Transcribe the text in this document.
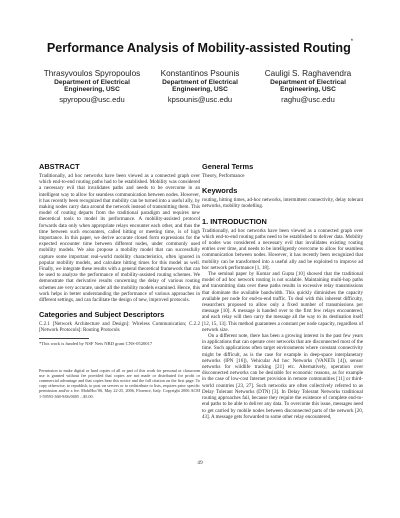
Performance Analysis of Mobility-assisted Routing*
Thrasyvoulos Spyropoulos
Department of Electrical Engineering, USC
spyropou@usc.edu
Konstantinos Psounis
Department of Electrical Engineering, USC
kpsounis@usc.edu
Cauligi S. Raghavendra
Department of Electrical Engineering, USC
raghu@usc.edu
ABSTRACT

Traditionally, ad hoc networks have been viewed as a connected graph over which end-to-end routing paths had to be established. Mobility was considered a necessary evil that invalidates paths and needs to be overcome in an intelligent way to allow for seamless communication between nodes. However, it has recently been recognized that mobility can be turned into a useful ally, by making nodes carry data around the network instead of transmitting them. This model of routing departs from the traditional paradigm and requires new theoretical tools to model its performance. A mobility-assisted protocol forwards data only when appropriate relays encounter each other, and thus the time between such encounters, called hitting or meeting time, is of high importance. In this paper, we derive accurate closed form expressions for the expected encounter time between different nodes, under commonly used mobility models. We also propose a mobility model that can successfully capture some important real-world mobility characteristics, often ignored in popular mobility models, and calculate hitting times for this model as well. Finally, we integrate these results with a general theoretical framework that can be used to analyze the performance of mobility-assisted routing schemes. We demonstrate that derivative results concerning the delay of various routing schemes are very accurate, under all the mobility models examined. Hence, this work helps in better understanding the performance of various approaches in different settings, and can facilitate the design of new, improved protocols.

Categories and Subject Descriptors

C.2.1 [Network Architecture and Design]: Wireless Communication; C.2.2 [Network Protocols]: Routing Protocols

*This work is funded by NSF Nets NBD grant CNS-0520017

Permission to make digital or hard copies of all or part of this work for personal or classroom use is granted without fee provided that copies are not made or distributed for profit or commercial advantage and that copies bear this notice and the full citation on the first page. To copy otherwise, to republish, to post on servers or to redistribute to lists, requires prior specific permission and/or a fee. MobiHoc'06, May 22-25, 2006, Florence, Italy. Copyright 2006 ACM 1-59593-368-9/06/0005 ...$5.00.

General Terms

Theory, Performance

Keywords

routing, hitting times, ad-hoc networks, intermittent connectivity, delay tolerant networks, mobility modelling.

1. INTRODUCTION

Traditionally, ad hoc networks have been viewed as a connected graph over which end-to-end routing paths need to be established to deliver data. Mobility of nodes was considered a necessary evil that invalidates existing routing entries over time, and needs to be intelligently overcome to allow for seamless communication between nodes. However, it has recently been recognized that mobility can be transformed into a useful ally and be exploited to improve ad hoc network performance [1, 18].

The seminal paper by Kumar and Gupta [10] showed that the traditional model of ad hoc network routing is not scalable. Maintaining multi-hop paths and transmitting data over these paths results in excessive relay transmissions that dominate the available bandwidth. This quickly diminishes the capacity available per node for end-to-end traffic. To deal with this inherent difficulty, researchers proposed to allow only a fixed number of transmissions per message [10]. A message is handed over to the first few relays encountered, and each relay will then carry the message all the way to its destination itself [12, 15, 13]. This method guarantees a constant per node capacity, regardless of network size.

On a different note, there has been a growing interest in the past few years in applications that can operate over networks that are disconnected most of the time. Such applications often target environments where constant connectivity might be difficult, as is the case for example in deep-space interplanetary networks (IPN [16]), Vehicular Ad hoc Networks (VANETs [4]), sensor networks for wildlife tracking [21] etc. Alternatively, operation over disconnected networks can be desirable for economic reasons, as for example in the case of low-cost Internet provision in remote communities [11] or third-world countries [23, 27]. Such networks are often collectively referred to as Delay Tolerant Networks (DTN) [3]. In Delay Tolerant Networks traditional routing approaches fail, because they require the existence of complete end-to-end paths to be able to deliver any data. To overcome this issue, messages need to get carried by mobile nodes between disconnected parts of the network [20, 43]. A message gets forwarded to some other relay encountered,

49
